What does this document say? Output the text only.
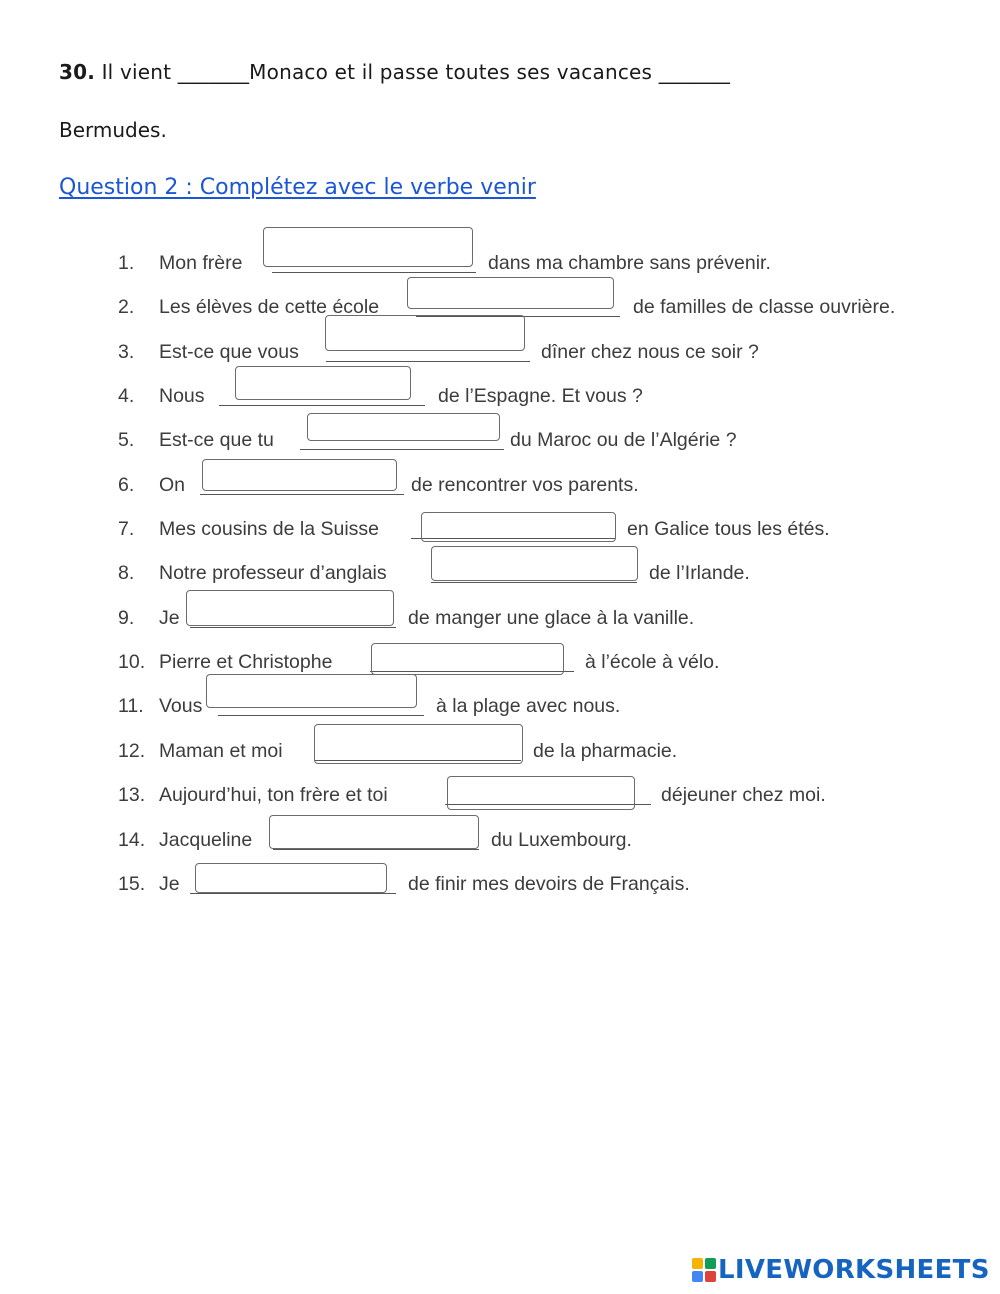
30. Il vient _______Monaco et il passe toutes ses vacances _______
Bermudes.
Question 2 : Complétez avec le verbe venir
1. Mon frère	dans ma chambre sans prévenir.
2. Les élèves de cette école	de familles de classe ouvrière.
3. Est-ce que vous	dîner chez nous ce soir ?
4. Nous	de l’Espagne. Et vous ?
5. Est-ce que tu	du Maroc ou de l’Algérie ?
6. On	de rencontrer vos parents.
7. Mes cousins de la Suisse	en Galice tous les étés.
8. Notre professeur d’anglais	de l’Irlande.
9. Je	de manger une glace à la vanille.
10. Pierre et Christophe	à l’école à vélo.
11. Vous	à la plage avec nous.
12. Maman et moi	de la pharmacie.
13. Aujourd’hui, ton frère et toi	déjeuner chez moi.
14. Jacqueline	du Luxembourg.
15. Je	de finir mes devoirs de Français.
LIVEWORKSHEETS
